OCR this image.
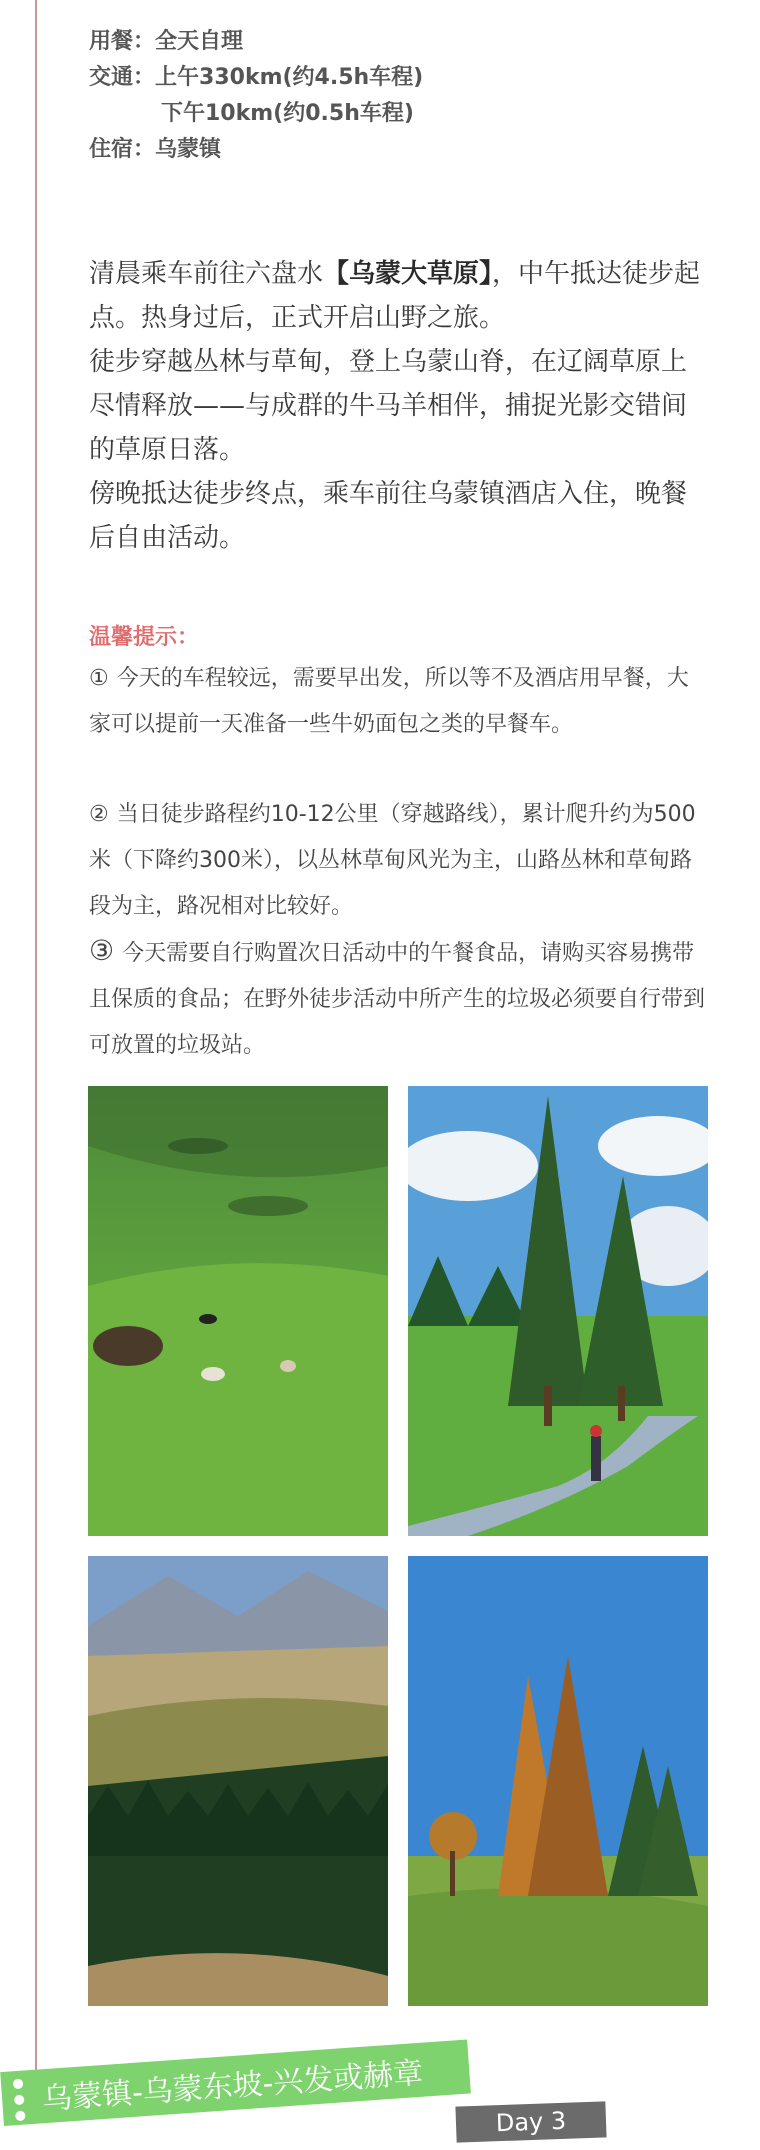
用餐： 全天自理
交通： 上午330km(约4.5h车程)
下午10km(约0.5h车程)
住宿： 乌蒙镇
清晨乘车前往六盘水【乌蒙大草原】，中午抵达徒步起点。热身过后，正式开启山野之旅。
徒步穿越丛林与草甸，登上乌蒙山脊，在辽阔草原上尽情释放——与成群的牛马羊相伴，捕捉光影交错间的草原日落。
傍晚抵达徒步终点，乘车前往乌蒙镇酒店入住，晚餐后自由活动。
温馨提示：
① 今天的车程较远，需要早出发，所以等不及酒店用早餐，大家可以提前一天准备一些牛奶面包之类的早餐车。
② 当日徒步路程约10-12公里（穿越路线），累计爬升约为500米（下降约300米），以丛林草甸风光为主，山路丛林和草甸路段为主，路况相对比较好。
③ 今天需要自行购置次日活动中的午餐食品，请购买容易携带且保质的食品；在野外徒步活动中所产生的垃圾必须要自行带到可放置的垃圾站。
乌蒙镇-乌蒙东坡-兴发或赫章
Day 3
